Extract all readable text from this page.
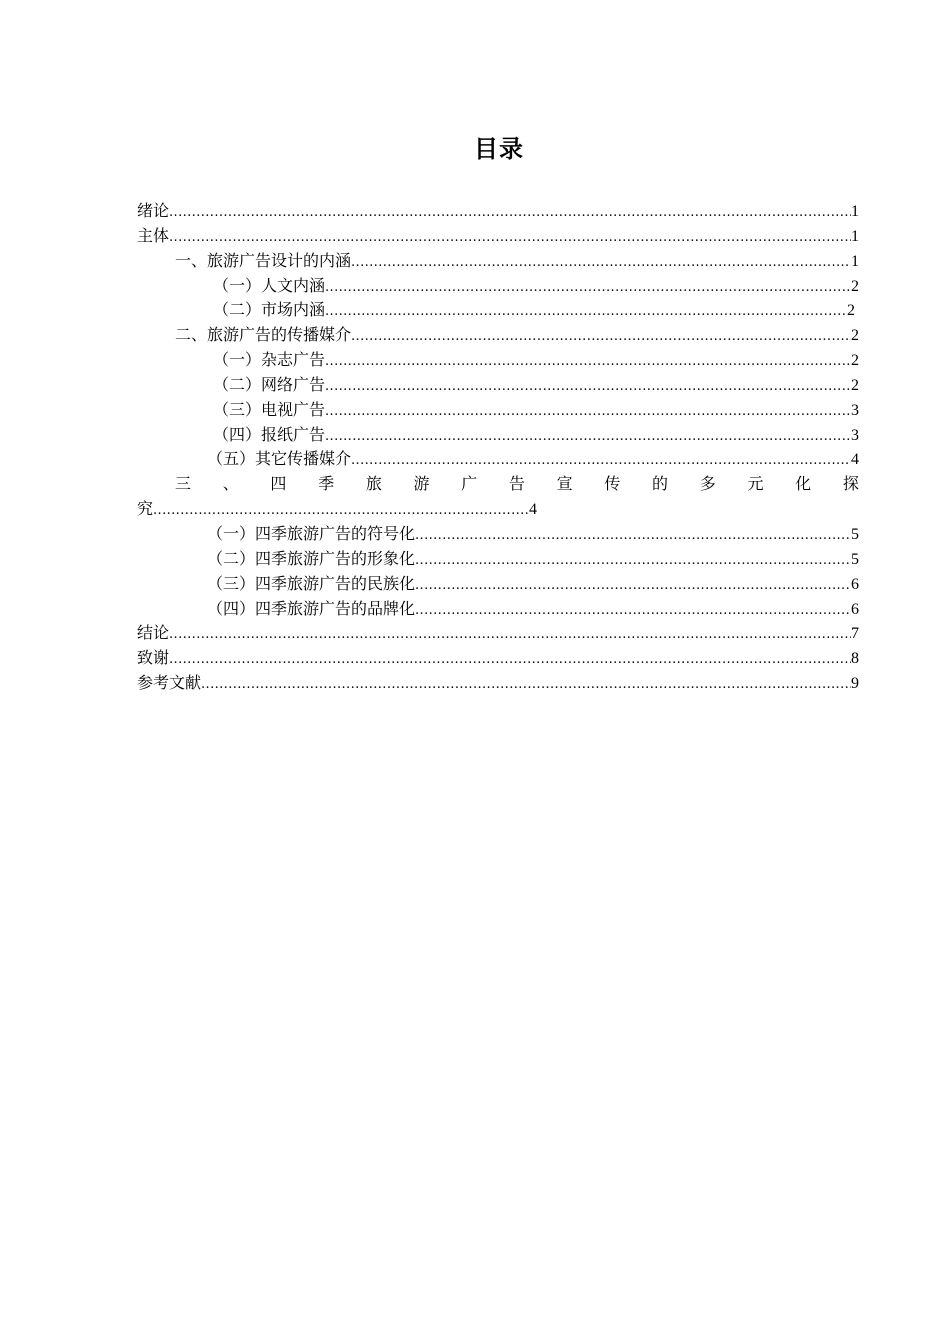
目录
绪论 .....	1
主体 .....	1
一、旅游广告设计的内涵 .....	1
（一）人文内涵 .....	2
（二）市场内涵 .....	2
二、旅游广告的传播媒介 .....	2
（一）杂志广告 .....	2
（二）网络广告 .....	2
（三）电视广告 .....	3
（四）报纸广告 .....	3
（五）其它传播媒介 .....	4
三 、 四 季 旅 游 广 告 宣 传 的 多 元 化 探
究 .....	4
（一）四季旅游广告的符号化 .....	5
（二）四季旅游广告的形象化 .....	5
（三）四季旅游广告的民族化 .....	6
（四）四季旅游广告的品牌化 .....	6
结论 .....	7
致谢 .....	8
参考文献 .....	9
